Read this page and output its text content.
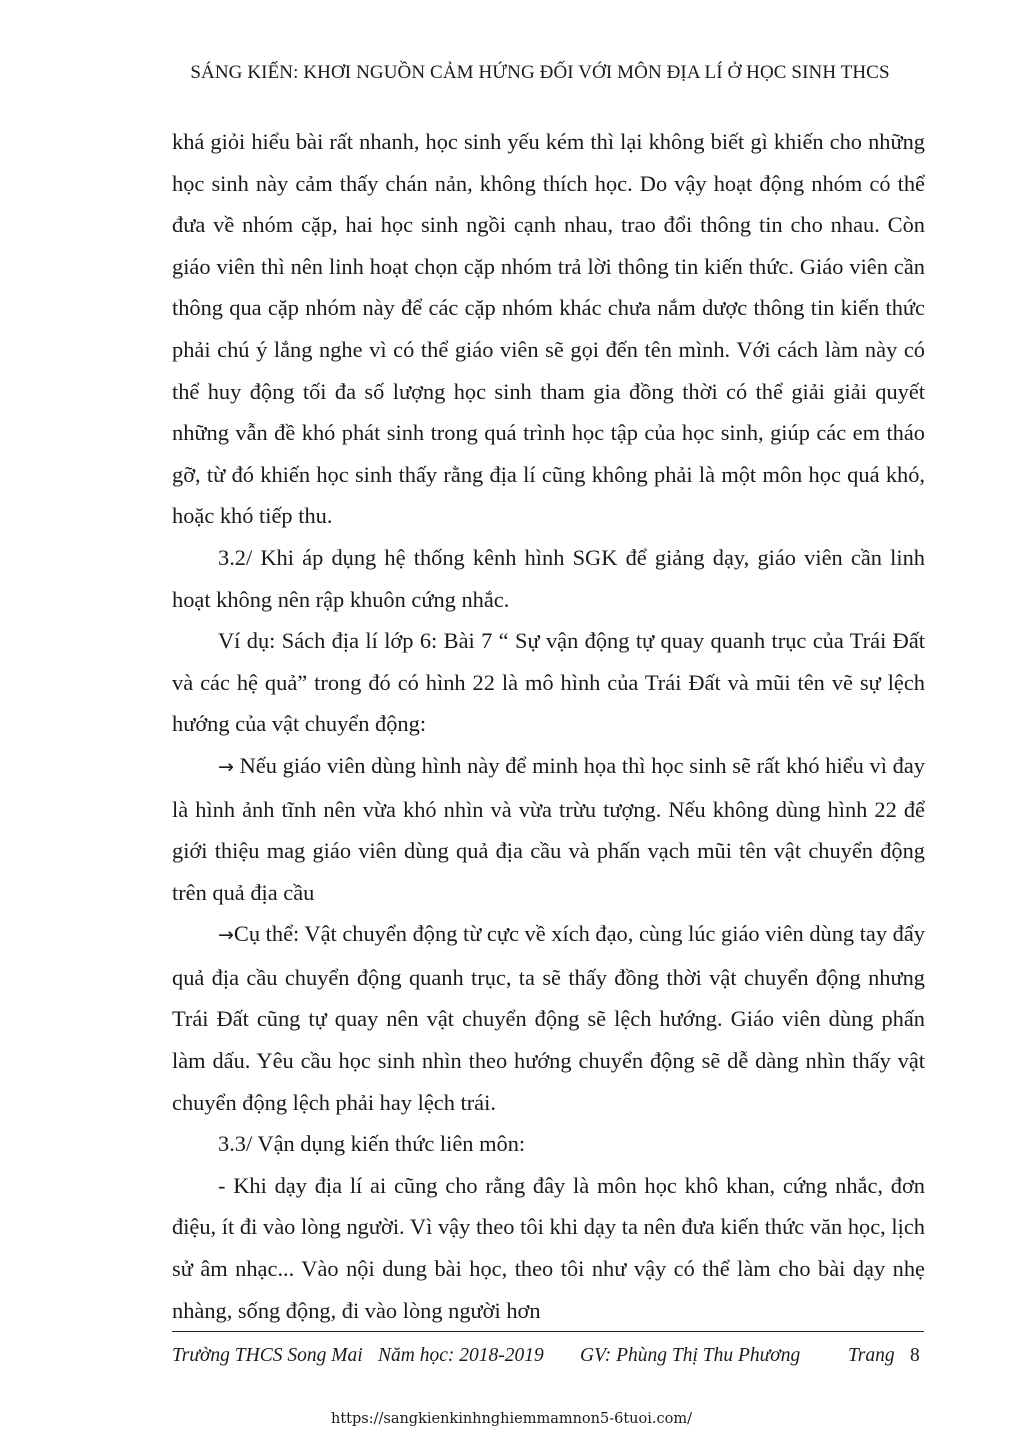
SÁNG KIẾN: KHƠI NGUỒN CẢM HỨNG ĐỐI VỚI MÔN ĐỊA LÍ Ở HỌC SINH THCS

khá giỏi hiểu bài rất nhanh, học sinh yếu kém thì lại không biết gì khiến cho những học sinh này cảm thấy chán nản, không thích học. Do vậy hoạt động nhóm có thể đưa về nhóm cặp, hai học sinh ngồi cạnh nhau, trao đổi thông tin cho nhau. Còn giáo viên thì nên linh hoạt chọn cặp nhóm trả lời thông tin kiến thức. Giáo viên cần thông qua cặp nhóm này để các cặp nhóm khác chưa nắm dược thông tin kiến thức phải chú ý lắng nghe vì có thể giáo viên sẽ gọi đến tên mình. Với cách làm này có thể huy động tối đa số lượng học sinh tham gia đồng thời có thể giải giải quyết những vẫn đề khó phát sinh trong quá trình học tập của học sinh, giúp các em tháo gỡ, từ đó khiến học sinh thấy rằng địa lí cũng không phải là một môn học quá khó, hoặc khó tiếp thu.

3.2/ Khi áp dụng hệ thống kênh hình SGK để giảng dạy, giáo viên cần linh hoạt không nên rập khuôn cứng nhắc.

Ví dụ: Sách địa lí lớp 6: Bài 7 “ Sự vận động tự quay quanh trục của Trái Đất và các hệ quả” trong đó có hình 22 là mô hình của Trái Đất và mũi tên vẽ sự lệch hướng của vật chuyển động:

→ Nếu giáo viên dùng hình này để minh họa thì học sinh sẽ rất khó hiểu vì đay là hình ảnh tĩnh nên vừa khó nhìn và vừa trừu tượng. Nếu không dùng hình 22 để giới thiệu mag giáo viên dùng quả địa cầu và phấn vạch mũi tên vật chuyển động trên quả địa cầu

→Cụ thể: Vật chuyển động từ cực về xích đạo, cùng lúc giáo viên dùng tay đẩy quả địa cầu chuyển động quanh trục, ta sẽ thấy đồng thời vật chuyển động nhưng Trái Đất cũng tự quay nên vật chuyển động sẽ lệch hướng. Giáo viên dùng phấn làm dấu. Yêu cầu học sinh nhìn theo hướng chuyển động sẽ dễ dàng nhìn thấy vật chuyển động lệch phải hay lệch trái.

3.3/ Vận dụng kiến thức liên môn:

- Khi dạy địa lí ai cũng cho rằng đây là môn học khô khan, cứng nhắc, đơn điệu, ít đi vào lòng người. Vì vậy theo tôi khi dạy ta nên đưa kiến thức văn học, lịch sử âm nhạc... Vào nội dung bài học, theo tôi như vậy có thể làm cho bài dạy nhẹ nhàng, sống động, đi vào lòng người hơn

Trường THCS Song Mai Năm học: 2018-2019 GV: Phùng Thị Thu Phương Trang 8
https://sangkienkinhnghiemmamnon5-6tuoi.com/
